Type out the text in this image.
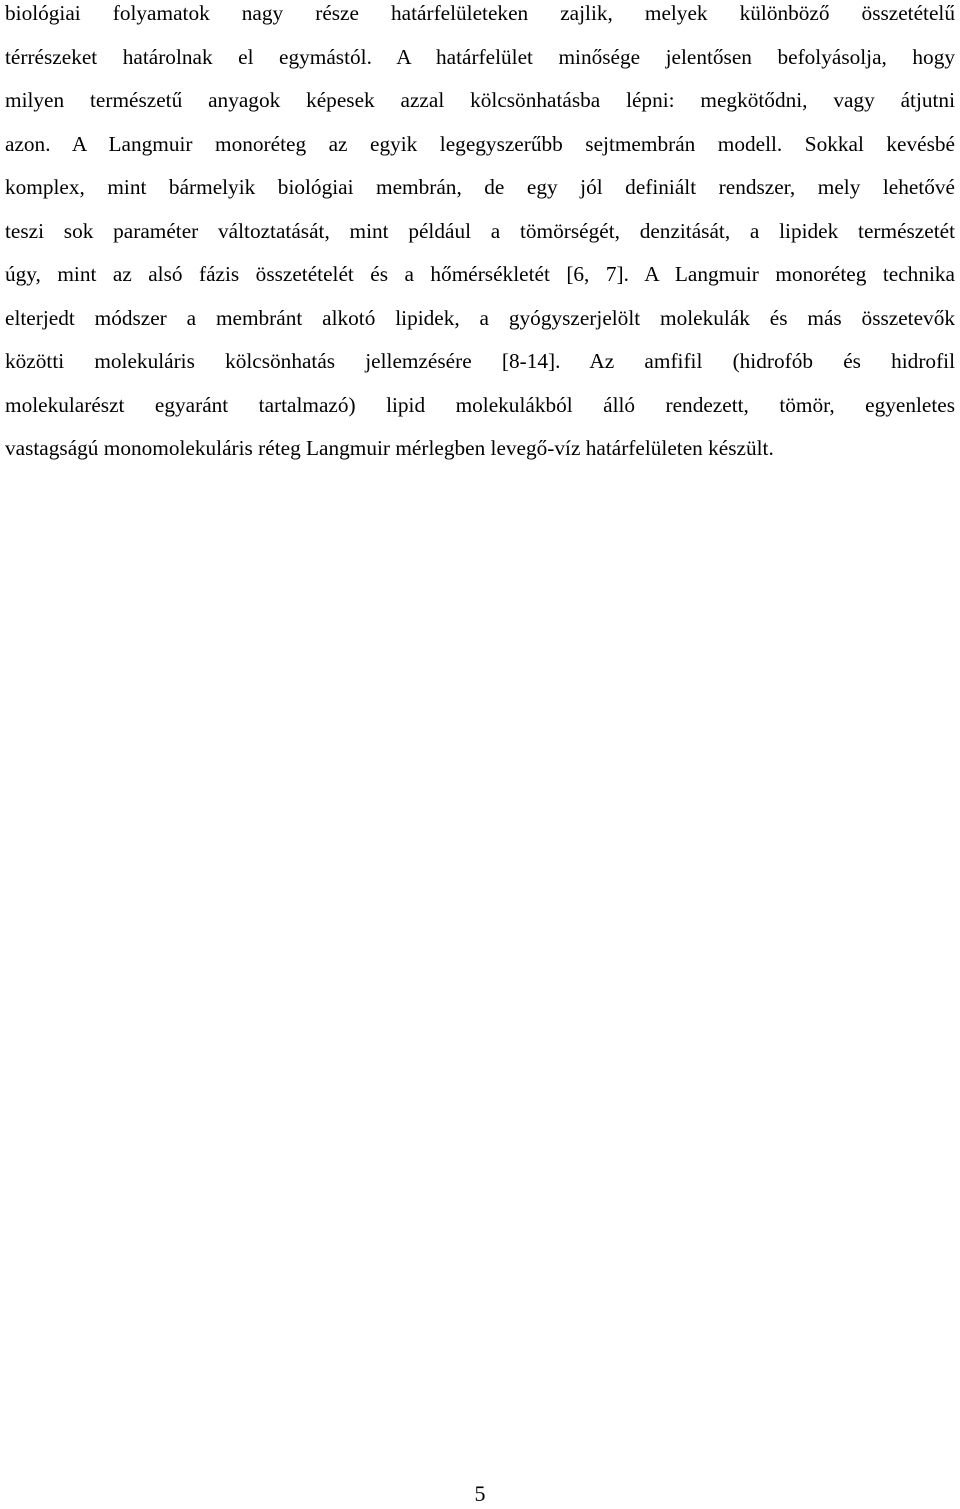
biológiai folyamatok nagy része határfelületeken zajlik, melyek különböző összetételű
térrészeket határolnak el egymástól. A határfelület minősége jelentősen befolyásolja, hogy
milyen természetű anyagok képesek azzal kölcsönhatásba lépni: megkötődni, vagy átjutni
azon. A Langmuir monoréteg az egyik legegyszerűbb sejtmembrán modell. Sokkal kevésbé
komplex, mint bármelyik biológiai membrán, de egy jól definiált rendszer, mely lehetővé
teszi sok paraméter változtatását, mint például a tömörségét, denzitását, a lipidek természetét
úgy, mint az alsó fázis összetételét és a hőmérsékletét [6, 7]. A Langmuir monoréteg technika
elterjedt módszer a membránt alkotó lipidek, a gyógyszerjelölt molekulák és más összetevők
közötti molekuláris kölcsönhatás jellemzésére [8-14]. Az amfifil (hidrofób és hidrofil
molekularészt egyaránt tartalmazó) lipid molekulákból álló rendezett, tömör, egyenletes
vastagságú monomolekuláris réteg Langmuir mérlegben levegő-víz határfelületen készült.
5
